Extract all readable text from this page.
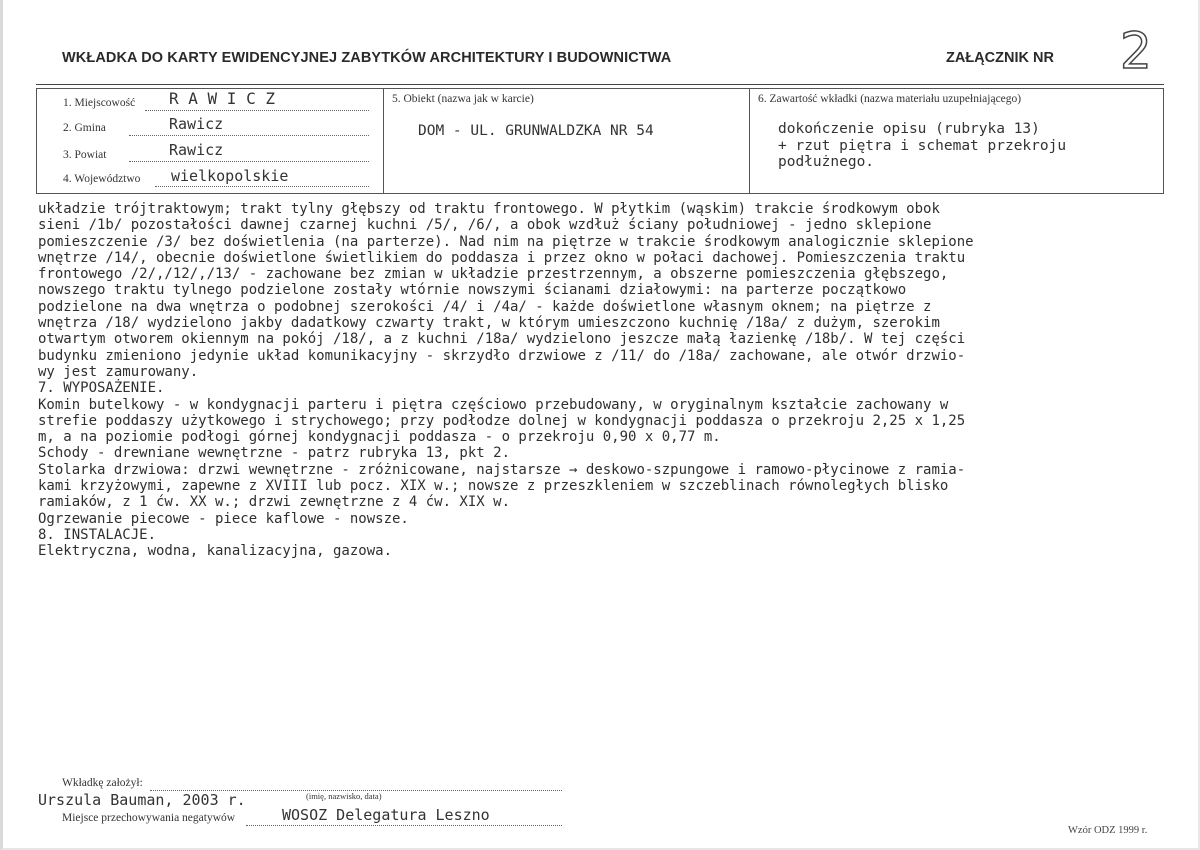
WKŁADKA DO KARTY EWIDENCYJNEJ ZABYTKÓW ARCHITEKTURY I BUDOWNICTWA	ZAŁĄCZNIK NR 2
1. Miejscowość R A W I C Z
2. Gmina	Rawicz
3. Powiat	Rawicz
4. Województwo wielkopolskie
5. Obiekt (nazwa jak w karcie)
DOM - UL. GRUNWALDZKA NR 54
6. Zawartość wkładki (nazwa materiału uzupełniającego)
dokończenie opisu (rubryka 13)
+ rzut piętra i schemat przekroju
podłużnego.
układzie trójtraktowym; trakt tylny głębszy od traktu frontowego. W płytkim (wąskim) trakcie środkowym obok
sieni /1b/ pozostałości dawnej czarnej kuchni /5/, /6/, a obok wzdłuż ściany południowej - jedno sklepione
pomieszczenie /3/ bez doświetlenia (na parterze). Nad nim na piętrze w trakcie środkowym analogicznie sklepione
wnętrze /14/, obecnie doświetlone świetlikiem do poddasza i przez okno w połaci dachowej. Pomieszczenia traktu
frontowego /2/,/12/,/13/ - zachowane bez zmian w układzie przestrzennym, a obszerne pomieszczenia głębszego,
nowszego traktu tylnego podzielone zostały wtórnie nowszymi ścianami działowymi: na parterze początkowo
podzielone na dwa wnętrza o podobnej szerokości /4/ i /4a/ - każde doświetlone własnym oknem; na piętrze z
wnętrza /18/ wydzielono jakby dadatkowy czwarty trakt, w którym umieszczono kuchnię /18a/ z dużym, szerokim
otwartym otworem okiennym na pokój /18/, a z kuchni /18a/ wydzielono jeszcze małą łazienkę /18b/. W tej części
budynku zmieniono jedynie układ komunikacyjny - skrzydło drzwiowe z /11/ do /18a/ zachowane, ale otwór drzwio-
wy jest zamurowany.
7. WYPOSAŻENIE.
Komin butelkowy - w kondygnacji parteru i piętra częściowo przebudowany, w oryginalnym kształcie zachowany w
strefie poddaszy użytkowego i strychowego; przy podłodze dolnej w kondygnacji poddasza o przekroju 2,25 x 1,25
m, a na poziomie podłogi górnej kondygnacji poddasza - o przekroju 0,90 x 0,77 m.
Schody - drewniane wewnętrzne - patrz rubryka 13, pkt 2.
Stolarka drzwiowa: drzwi wewnętrzne - zróżnicowane, najstarsze → deskowo-szpungowe i ramowo-płycinowe z ramia-
kami krzyżowymi, zapewne z XVIII lub pocz. XIX w.; nowsze z przeszkleniem w szczeblinach równoległych blisko
ramiaków, z 1 ćw. XX w.; drzwi zewnętrzne z 4 ćw. XIX w.
Ogrzewanie piecowe - piece kaflowe - nowsze.
8. INSTALACJE.
Elektryczna, wodna, kanalizacyjna, gazowa.
Wkładkę założył:
Urszula Bauman, 2003 r.	(imię, nazwisko, data)
Miejsce przechowywania negatywów	WOSOZ Delegatura Leszno
Wzór ODZ 1999 r.
